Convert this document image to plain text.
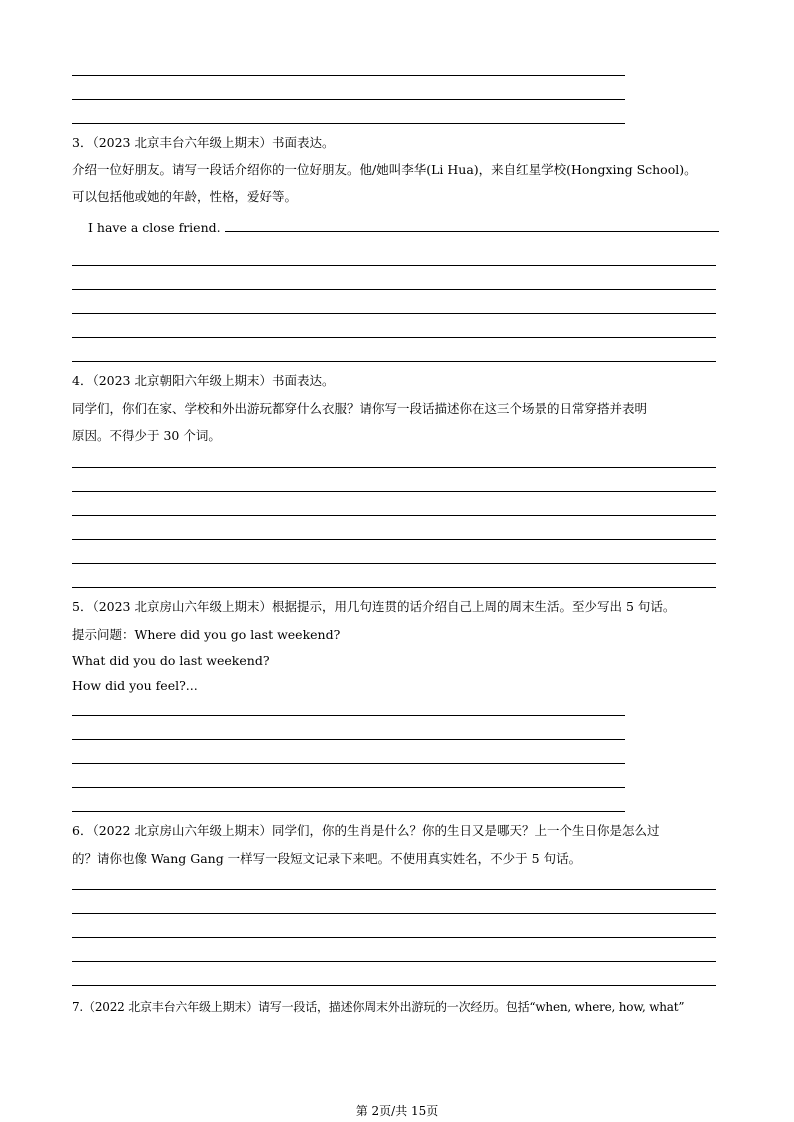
3．（2023 北京丰台六年级上期末）书面表达。
介绍一位好朋友。请写一段话介绍你的一位好朋友。他/她叫李华(Li Hua)，来自红星学校(Hongxing School)。
可以包括他或她的年龄，性格，爱好等。
I have a close friend.
4．（2023 北京朝阳六年级上期末）书面表达。
同学们，你们在家、学校和外出游玩都穿什么衣服？请你写一段话描述你在这三个场景的日常穿搭并表明
原因。不得少于 30 个词。
5．（2023 北京房山六年级上期末）根据提示，用几句连贯的话介绍自己上周的周末生活。至少写出 5 句话。
提示问题：Where did you go last weekend?
What did you do last weekend?
How did you feel?...
6．（2022 北京房山六年级上期末）同学们，你的生肖是什么？你的生日又是哪天？上一个生日你是怎么过
的？请你也像 Wang Gang 一样写一段短文记录下来吧。不使用真实姓名，不少于 5 句话。
7.（2022 北京丰台六年级上期末）请写一段话，描述你周末外出游玩的一次经历。包括“when, where, how, what”
第 2页/共 15页
